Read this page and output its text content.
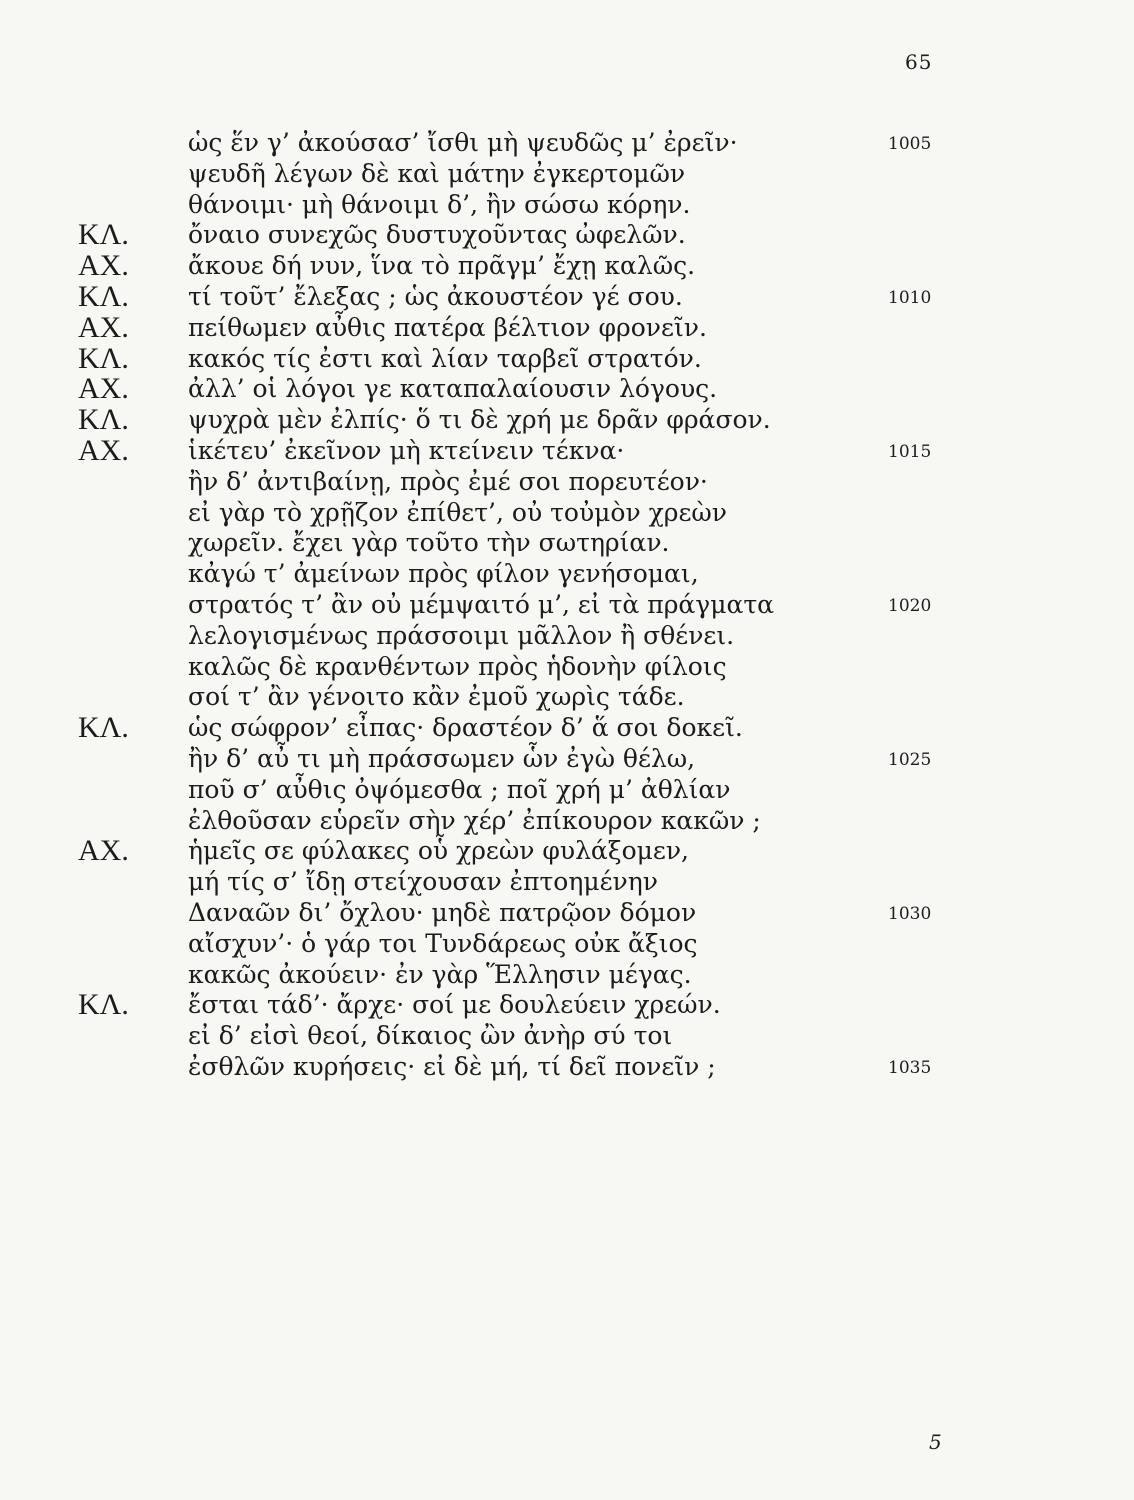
65
ὡς ἕν γ’ ἀκούσασ’ ἴσθι μὴ ψευδῶς μ’ ἐρεῖν·	1005
ψευδῆ λέγων δὲ καὶ μάτην ἐγκερτομῶν
θάνοιμι· μὴ θάνοιμι δ’, ἢν σώσω κόρην.
ΚΛ. ὄναιο συνεχῶς δυστυχοῦντας ὠφελῶν.
ΑΧ. ἄκουε δή νυν, ἵνα τὸ πρᾶγμ’ ἔχῃ καλῶς.
ΚΛ. τί τοῦτ’ ἔλεξας ; ὡς ἀκουστέον γέ σου.	1010
ΑΧ. πείθωμεν αὖθις πατέρα βέλτιον φρονεῖν.
ΚΛ. κακός τίς ἐστι καὶ λίαν ταρβεῖ στρατόν.
ΑΧ. ἀλλ’ οἱ λόγοι γε καταπαλαίουσιν λόγους.
ΚΛ. ψυχρὰ μὲν ἐλπίς· ὅ τι δὲ χρή με δρᾶν φράσον.
ΑΧ. ἱκέτευ’ ἐκεῖνον μὴ κτείνειν τέκνα·	1015
ἢν δ’ ἀντιβαίνῃ, πρὸς ἐμέ σοι πορευτέον·
εἰ γὰρ τὸ χρῇζον ἐπίθετ’, οὐ τοὐμὸν χρεὼν
χωρεῖν. ἔχει γὰρ τοῦτο τὴν σωτηρίαν.
κἀγώ τ’ ἀμείνων πρὸς φίλον γενήσομαι,
στρατός τ’ ἂν οὐ μέμψαιτό μ’, εἰ τὰ πράγματα	1020
λελογισμένως πράσσοιμι μᾶλλον ἢ σθένει.
καλῶς δὲ κρανθέντων πρὸς ἡδονὴν φίλοις
σοί τ’ ἂν γένοιτο κἂν ἐμοῦ χωρὶς τάδε.
ΚΛ. ὡς σώφρον’ εἶπας· δραστέον δ’ ἅ σοι δοκεῖ.
ἢν δ’ αὖ τι μὴ πράσσωμεν ὧν ἐγὼ θέλω,	1025
ποῦ σ’ αὖθις ὀψόμεσθα ; ποῖ χρή μ’ ἀθλίαν
ἐλθοῦσαν εὑρεῖν σὴν χέρ’ ἐπίκουρον κακῶν ;
ΑΧ. ἡμεῖς σε φύλακες οὗ χρεὼν φυλάξομεν,
μή τίς σ’ ἴδῃ στείχουσαν ἐπτοημένην
Δαναῶν δι’ ὄχλου· μηδὲ πατρῷον δόμον	1030
αἴσχυν’· ὁ γάρ τοι Τυνδάρεως οὐκ ἄξιος
κακῶς ἀκούειν· ἐν γὰρ Ἕλλησιν μέγας.
ΚΛ. ἔσται τάδ’· ἄρχε· σοί με δουλεύειν χρεών.
εἰ δ’ εἰσὶ θεοί, δίκαιος ὢν ἀνὴρ σύ τοι
ἐσθλῶν κυρήσεις· εἰ δὲ μή, τί δεῖ πονεῖν ;	1035
5
